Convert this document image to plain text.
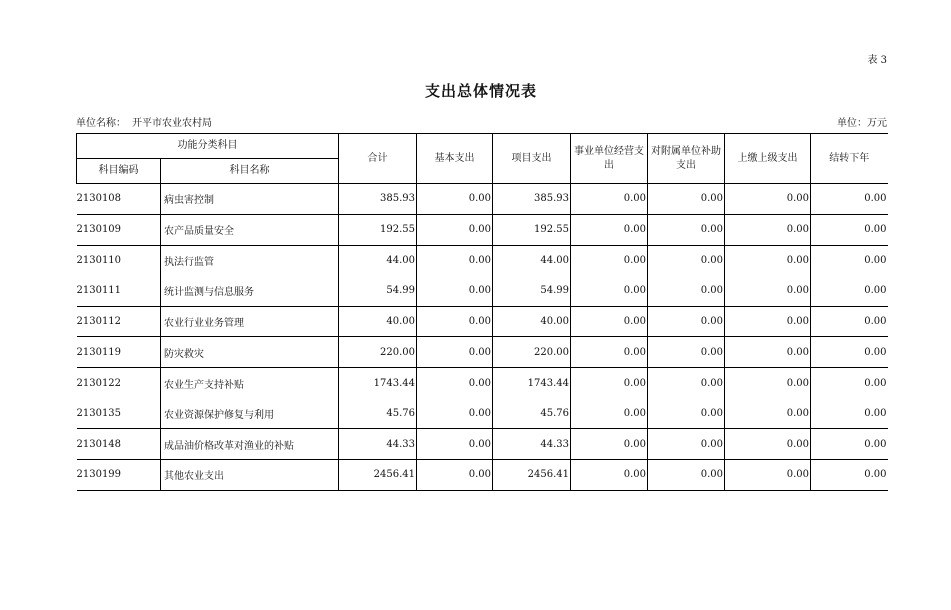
表 3
支出总体情况表
单位名称： 开平市农业农村局	单位：万元
功能分类科目		合计	基本支出	项目支出	事业单位经营支出	对附属单位补助支出	上缴上级支出	结转下年
科目编码	科目名称							
2130108	病虫害控制	385.93	0.00	385.93	0.00	0.00	0.00	0.00
2130109	农产品质量安全	192.55	0.00	192.55	0.00	0.00	0.00	0.00
2130110	执法行监管	44.00	0.00	44.00	0.00	0.00	0.00	0.00
2130111	统计监测与信息服务	54.99	0.00	54.99	0.00	0.00	0.00	0.00
2130112	农业行业业务管理	40.00	0.00	40.00	0.00	0.00	0.00	0.00
2130119	防灾救灾	220.00	0.00	220.00	0.00	0.00	0.00	0.00
2130122	农业生产支持补贴	1743.44	0.00	1743.44	0.00	0.00	0.00	0.00
2130135	农业资源保护修复与利用	45.76	0.00	45.76	0.00	0.00	0.00	0.00
2130148	成品油价格改革对渔业的补贴	44.33	0.00	44.33	0.00	0.00	0.00	0.00
2130199	其他农业支出	2456.41	0.00	2456.41	0.00	0.00	0.00	0.00
